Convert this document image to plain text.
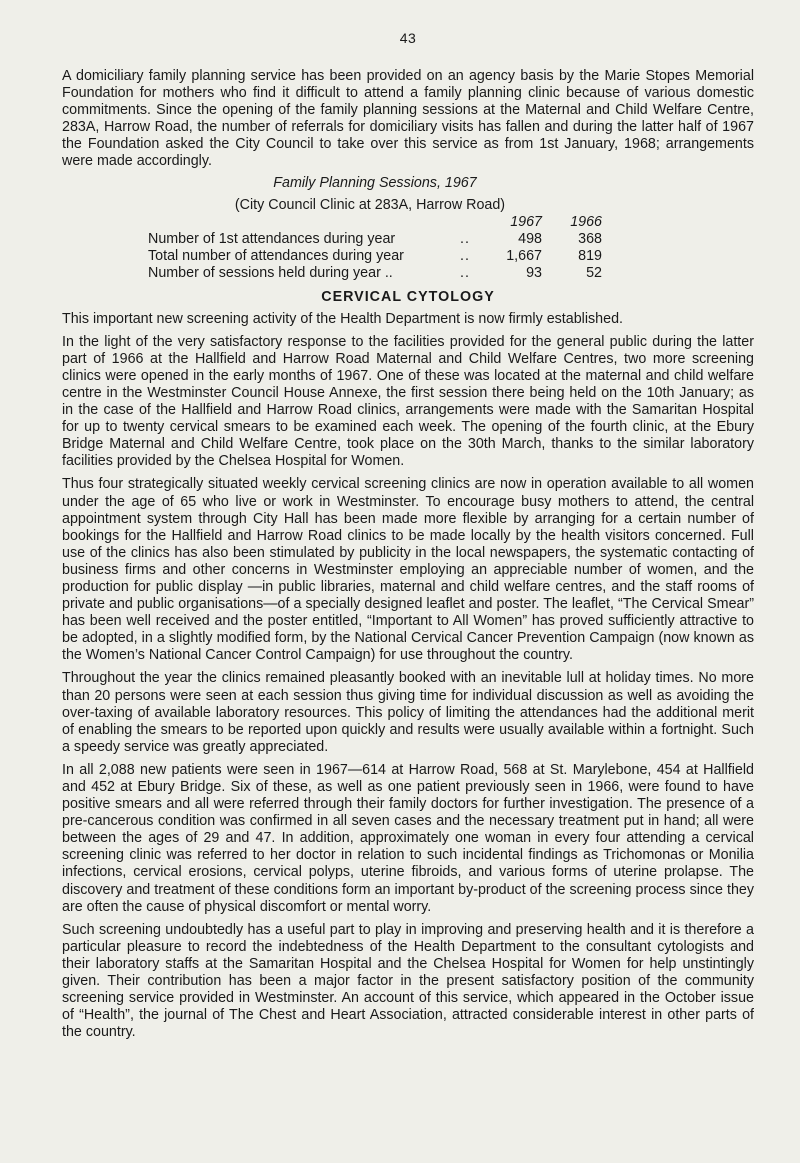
43

A domiciliary family planning service has been provided on an agency basis by the Marie Stopes Memorial Foundation for mothers who find it difficult to attend a family planning clinic because of various domestic commitments. Since the opening of the family planning sessions at the Maternal and Child Welfare Centre, 283A, Harrow Road, the number of referrals for domiciliary visits has fallen and during the latter half of 1967 the Foundation asked the City Council to take over this service as from 1st January, 1968; arrangements were made accordingly.

Family Planning Sessions, 1967
(City Council Clinic at 283A, Harrow Road)
		1967	1966
Number of 1st attendances during year	..	498	368
Total number of attendances during year	..	1,667	819
Number of sessions held during year ..	..	93	52
CERVICAL CYTOLOGY

This important new screening activity of the Health Department is now firmly established.

In the light of the very satisfactory response to the facilities provided for the general public during the latter part of 1966 at the Hallfield and Harrow Road Maternal and Child Welfare Centres, two more screening clinics were opened in the early months of 1967. One of these was located at the maternal and child welfare centre in the Westminster Council House Annexe, the first session there being held on the 10th January; as in the case of the Hallfield and Harrow Road clinics, arrangements were made with the Samaritan Hospital for up to twenty cervical smears to be examined each week. The opening of the fourth clinic, at the Ebury Bridge Maternal and Child Welfare Centre, took place on the 30th March, thanks to the similar laboratory facilities provided by the Chelsea Hospital for Women.

Thus four strategically situated weekly cervical screening clinics are now in operation available to all women under the age of 65 who live or work in Westminster. To encourage busy mothers to attend, the central appointment system through City Hall has been made more flexible by arranging for a certain number of bookings for the Hallfield and Harrow Road clinics to be made locally by the health visitors concerned. Full use of the clinics has also been stimulated by publicity in the local newspapers, the systematic contacting of business firms and other concerns in Westminster employing an appreciable number of women, and the production for public display —in public libraries, maternal and child welfare centres, and the staff rooms of private and public organisations—of a specially designed leaflet and poster. The leaflet, “The Cervical Smear” has been well received and the poster entitled, “Important to All Women” has proved sufficiently attractive to be adopted, in a slightly modified form, by the National Cervical Cancer Prevention Campaign (now known as the Women’s National Cancer Control Campaign) for use throughout the country.

Throughout the year the clinics remained pleasantly booked with an inevitable lull at holiday times. No more than 20 persons were seen at each session thus giving time for individual discussion as well as avoiding the over-taxing of available laboratory resources. This policy of limiting the attendances had the additional merit of enabling the smears to be reported upon quickly and results were usually available within a fortnight. Such a speedy service was greatly appreciated.

In all 2,088 new patients were seen in 1967—614 at Harrow Road, 568 at St. Marylebone, 454 at Hallfield and 452 at Ebury Bridge. Six of these, as well as one patient previously seen in 1966, were found to have positive smears and all were referred through their family doctors for further investigation. The presence of a pre-cancerous condition was confirmed in all seven cases and the necessary treatment put in hand; all were between the ages of 29 and 47. In addition, approximately one woman in every four attending a cervical screening clinic was referred to her doctor in relation to such incidental findings as Trichomonas or Monilia infections, cervical erosions, cervical polyps, uterine fibroids, and various forms of uterine prolapse. The discovery and treatment of these conditions form an important by-product of the screening process since they are often the cause of physical discomfort or mental worry.

Such screening undoubtedly has a useful part to play in improving and preserving health and it is therefore a particular pleasure to record the indebtedness of the Health Department to the consultant cytologists and their laboratory staffs at the Samaritan Hospital and the Chelsea Hospital for Women for help unstintingly given. Their contribution has been a major factor in the present satisfactory position of the community screening service provided in Westminster. An account of this service, which appeared in the October issue of “Health”, the journal of The Chest and Heart Association, attracted considerable interest in other parts of the country.
